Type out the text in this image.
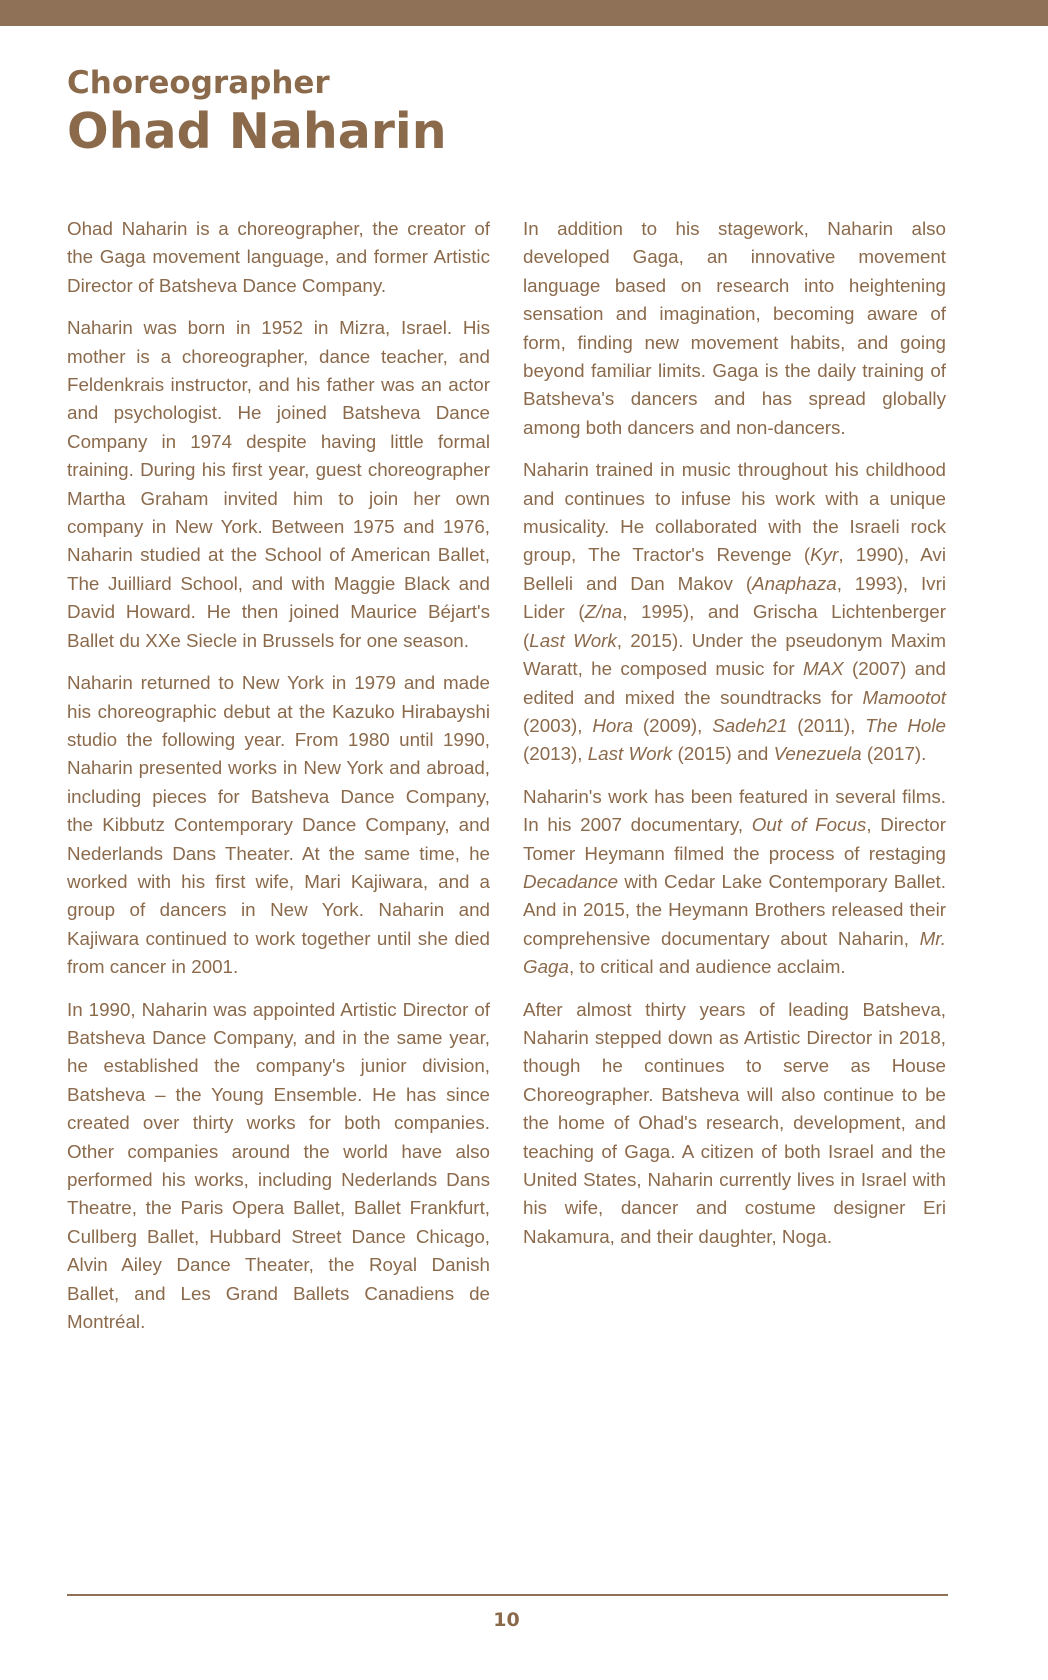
Choreographer
Ohad Naharin

Ohad Naharin is a choreographer, the creator of the Gaga movement language, and former Artistic Director of Batsheva Dance Company.

Naharin was born in 1952 in Mizra, Israel. His mother is a choreographer, dance teacher, and Feldenkrais instructor, and his father was an actor and psychologist. He joined Batsheva Dance Company in 1974 despite having little formal training. During his first year, guest choreographer Martha Graham invited him to join her own company in New York. Between 1975 and 1976, Naharin studied at the School of American Ballet, The Juilliard School, and with Maggie Black and David Howard. He then joined Maurice Béjart's Ballet du XXe Siecle in Brussels for one season.

Naharin returned to New York in 1979 and made his choreographic debut at the Kazuko Hirabayshi studio the following year. From 1980 until 1990, Naharin presented works in New York and abroad, including pieces for Batsheva Dance Company, the Kibbutz Contemporary Dance Company, and Nederlands Dans Theater. At the same time, he worked with his first wife, Mari Kajiwara, and a group of dancers in New York. Naharin and Kajiwara continued to work together until she died from cancer in 2001.

In 1990, Naharin was appointed Artistic Director of Batsheva Dance Company, and in the same year, he established the company's junior division, Batsheva – the Young Ensemble. He has since created over thirty works for both companies. Other companies around the world have also performed his works, including Nederlands Dans Theatre, the Paris Opera Ballet, Ballet Frankfurt, Cullberg Ballet, Hubbard Street Dance Chicago, Alvin Ailey Dance Theater, the Royal Danish Ballet, and Les Grand Ballets Canadiens de Montréal.

In addition to his stagework, Naharin also developed Gaga, an innovative movement language based on research into heightening sensation and imagination, becoming aware of form, finding new movement habits, and going beyond familiar limits. Gaga is the daily training of Batsheva's dancers and has spread globally among both dancers and non-dancers.

Naharin trained in music throughout his childhood and continues to infuse his work with a unique musicality. He collaborated with the Israeli rock group, The Tractor's Revenge (Kyr, 1990), Avi Belleli and Dan Makov (Anaphaza, 1993), Ivri Lider (Z/na, 1995), and Grischa Lichtenberger (Last Work, 2015). Under the pseudonym Maxim Waratt, he composed music for MAX (2007) and edited and mixed the soundtracks for Mamootot (2003), Hora (2009), Sadeh21 (2011), The Hole (2013), Last Work (2015) and Venezuela (2017).

Naharin's work has been featured in several films. In his 2007 documentary, Out of Focus, Director Tomer Heymann filmed the process of restaging Decadance with Cedar Lake Contemporary Ballet. And in 2015, the Heymann Brothers released their comprehensive documentary about Naharin, Mr. Gaga, to critical and audience acclaim.

After almost thirty years of leading Batsheva, Naharin stepped down as Artistic Director in 2018, though he continues to serve as House Choreographer. Batsheva will also continue to be the home of Ohad's research, development, and teaching of Gaga. A citizen of both Israel and the United States, Naharin currently lives in Israel with his wife, dancer and costume designer Eri Nakamura, and their daughter, Noga.

10
